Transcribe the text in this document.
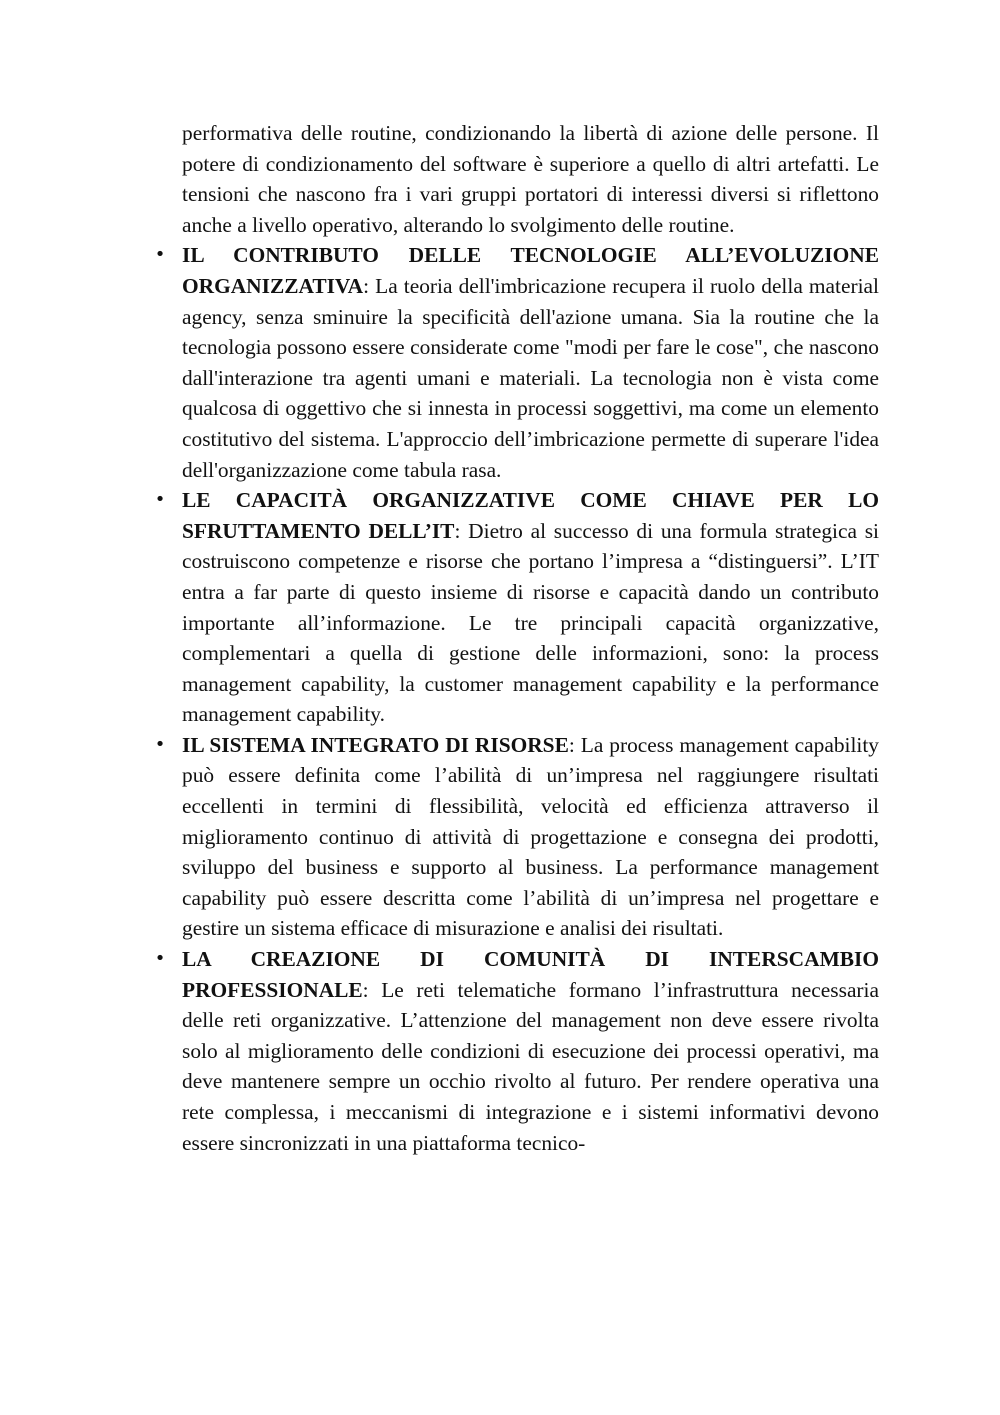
performativa delle routine, condizionando la libertà di azione delle persone. Il potere di condizionamento del software è superiore a quello di altri artefatti. Le tensioni che nascono fra i vari gruppi portatori di interessi diversi si riflettono anche a livello operativo, alterando lo svolgimento delle routine.

• IL CONTRIBUTO DELLE TECNOLOGIE ALL’EVOLUZIONE ORGANIZZATIVA: La teoria dell'imbricazione recupera il ruolo della material agency, senza sminuire la specificità dell'azione umana. Sia la routine che la tecnologia possono essere considerate come "modi per fare le cose", che nascono dall'interazione tra agenti umani e materiali. La tecnologia non è vista come qualcosa di oggettivo che si innesta in processi soggettivi, ma come un elemento costitutivo del sistema. L'approccio dell’imbricazione permette di superare l'idea dell'organizzazione come tabula rasa.
• LE CAPACITÀ ORGANIZZATIVE COME CHIAVE PER LO SFRUTTAMENTO DELL’IT: Dietro al successo di una formula strategica si costruiscono competenze e risorse che portano l’impresa a “distinguersi”. L’IT entra a far parte di questo insieme di risorse e capacità dando un contributo importante all’informazione. Le tre principali capacità organizzative, complementari a quella di gestione delle informazioni, sono: la process management capability, la customer management capability e la performance management capability.
• IL SISTEMA INTEGRATO DI RISORSE: La process management capability può essere definita come l’abilità di un’impresa nel raggiungere risultati eccellenti in termini di flessibilità, velocità ed efficienza attraverso il miglioramento continuo di attività di progettazione e consegna dei prodotti, sviluppo del business e supporto al business. La performance management capability può essere descritta come l’abilità di un’impresa nel progettare e gestire un sistema efficace di misurazione e analisi dei risultati.
• LA CREAZIONE DI COMUNITÀ DI INTERSCAMBIO PROFESSIONALE: Le reti telematiche formano l’infrastruttura necessaria delle reti organizzative. L’attenzione del management non deve essere rivolta solo al miglioramento delle condizioni di esecuzione dei processi operativi, ma deve mantenere sempre un occhio rivolto al futuro. Per rendere operativa una rete complessa, i meccanismi di integrazione e i sistemi informativi devono essere sincronizzati in una piattaforma tecnico-
